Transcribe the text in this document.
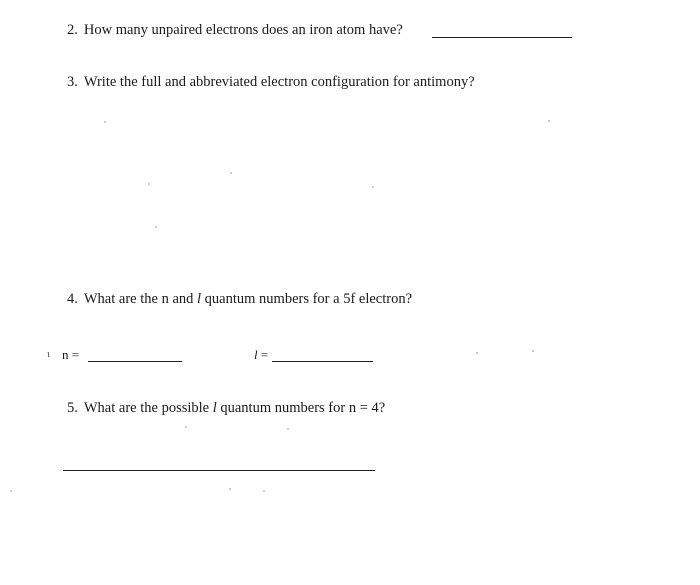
2. How many unpaired electrons does an iron atom have?
3. Write the full and abbreviated electron configuration for antimony?
4. What are the n and l quantum numbers for a 5f electron?
ι n =	l =
5. What are the possible l quantum numbers for n = 4?
